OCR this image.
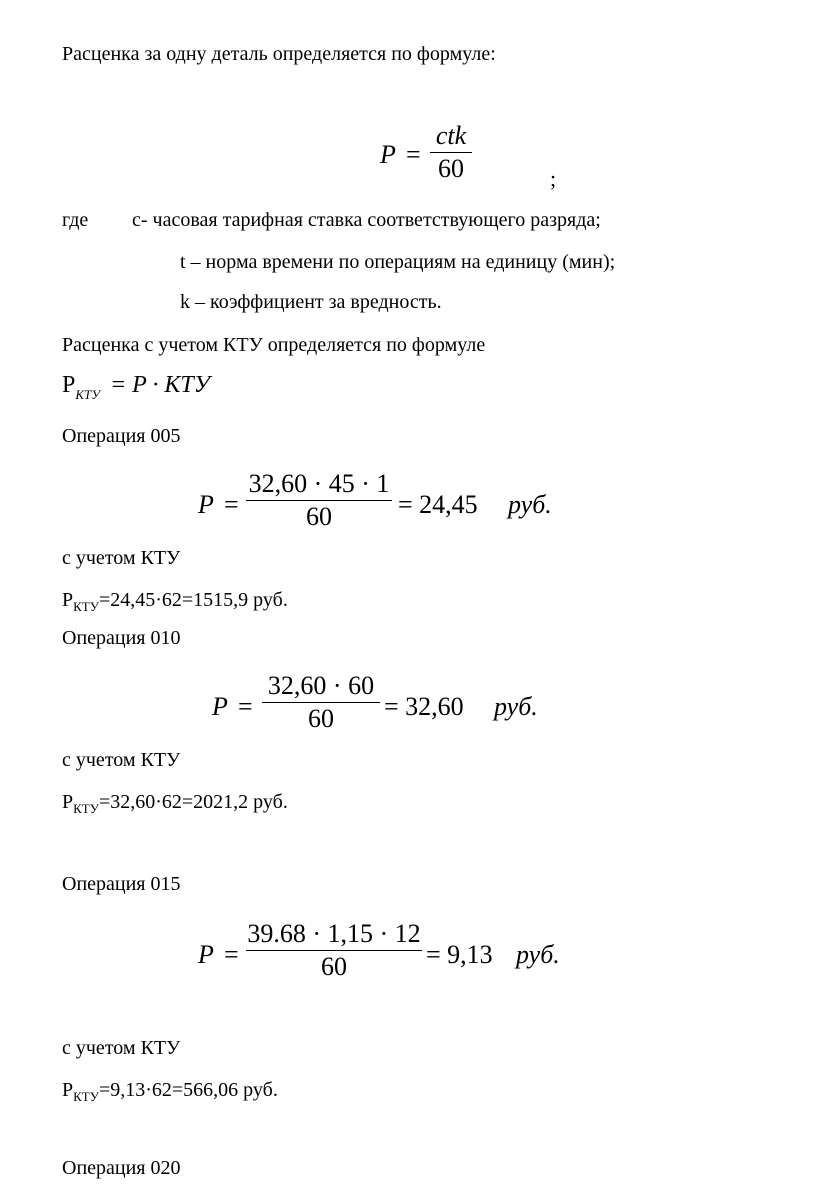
Расценка за одну деталь определяется по формуле:
P =
ctk
60	;
где с- часовая тарифная ставка соответствующего разряда;
t – норма времени по операциям на единицу (мин);
k – коэффициент за вредность.
Расценка с учетом КТУ определяется по формуле
$Р_{КТУ} = P$ · КТУ
Операция 005
P =
32,60 · 45 · 1
60	= 24,45 руб.
с учетом КТУ
$Р_{КТУ}=24,45\cdot 62=1515,9$ руб.
Операция 010
P =
32,60 · 60
60	= 32,60 руб.
с учетом КТУ
$Р_{КТУ}=32,60\cdot 62=2021,2$ руб.
Операция 015
P =
39.68 · 1,15 · 12
60	= 9,13 руб.
с учетом КТУ
$Р_{КТУ}=9,13\cdot 62=566,06$ руб.
Операция 020
